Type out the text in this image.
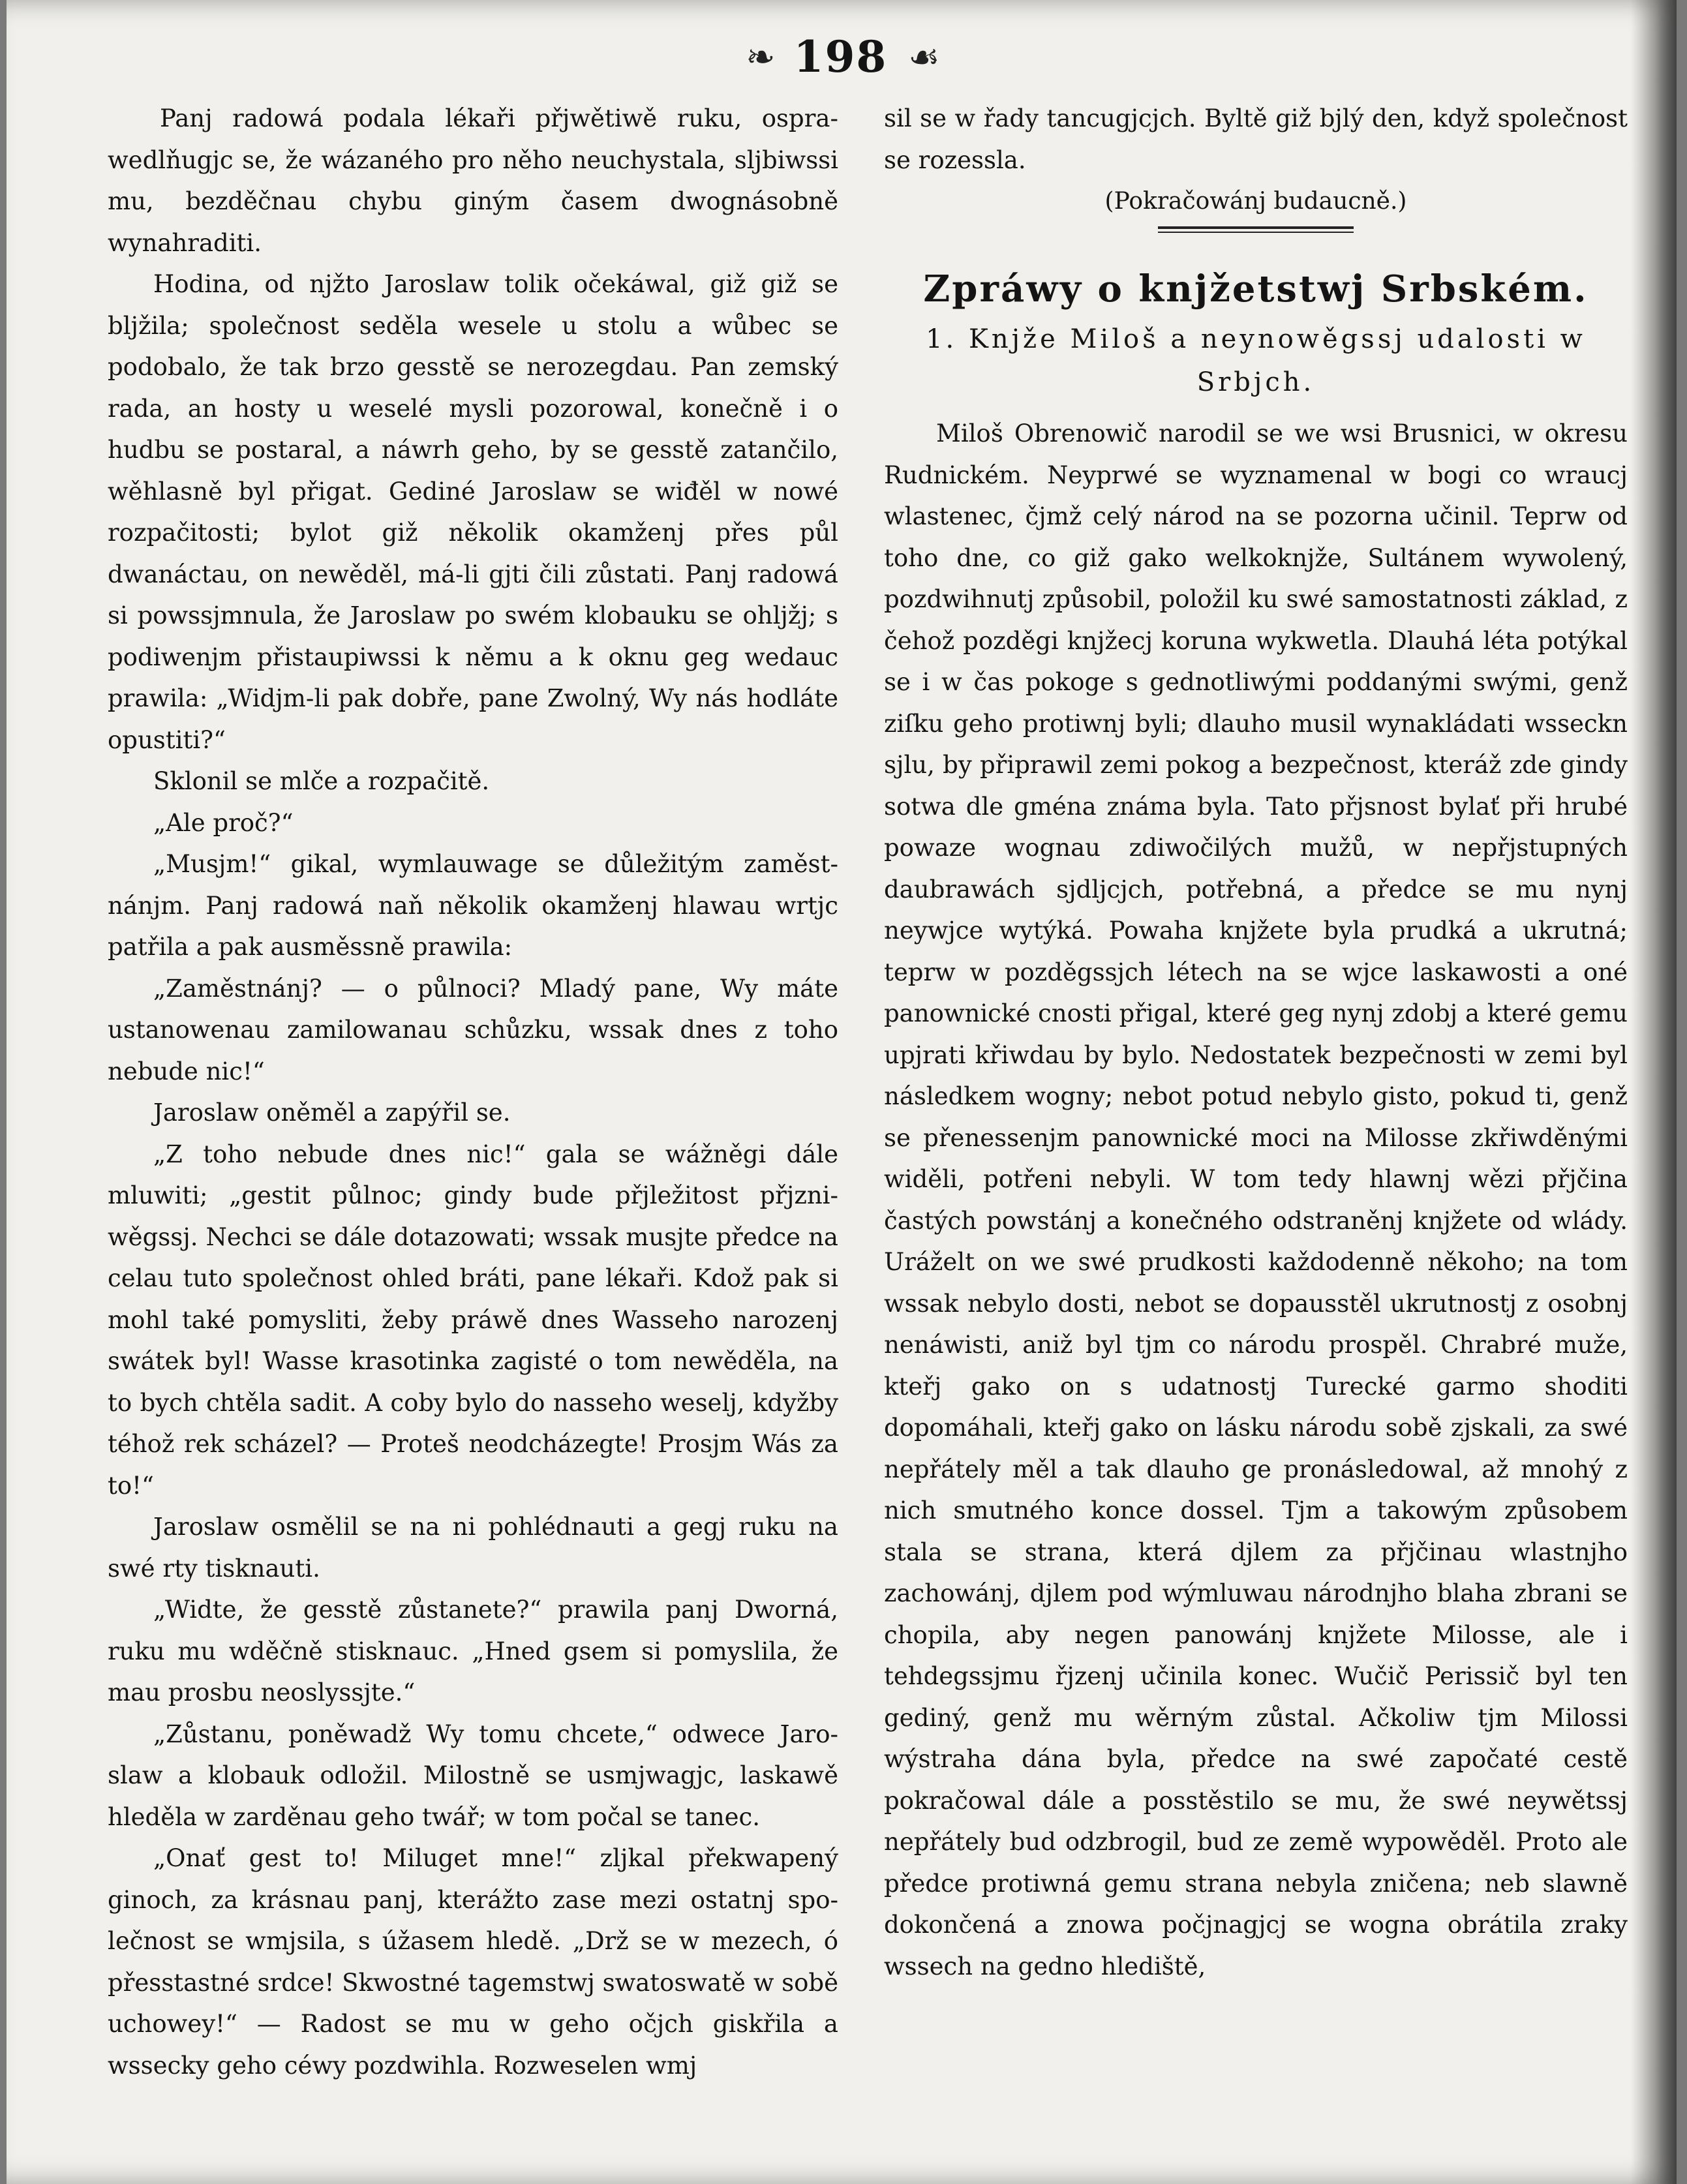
❧ 198 ☙

Panj radowá podala lékaři přjwětiwě ruku, osprawedlňugjc se, že wázaného pro něho neuchystala, sljbiwssi mu, bezděčnau chybu giným časem dwognásobně wynahraditi.

Hodina, od njžto Jaroslaw tolik očekáwal, giž giž se bljžila; společnost seděla wesele u stolu a wůbec se podobalo, že tak brzo gesstě se nerozegdau. Pan zemský rada, an hosty u weselé mysli pozorowal, konečně i o hudbu se postaral, a náwrh geho, by se gesstě zatančilo, wěhlasně byl přigat. Gediné Jaroslaw se wiđěl w nowé rozpačitosti; bylot giž několik okamženj přes půl dwanáctau, on newěděl, má-li gjti čili zůstati. Panj radowá si powssjmnula, že Jaroslaw po swém klobauku se ohljžj; s podiwenjm přistaupiwssi k němu a k oknu geg wedauc prawila: „Widjm-li pak dobře, pane Zwolný, Wy nás hodláte opustiti?“

Sklonil se mlče a rozpačitě.

„Ale proč?“

„Musjm!“ gikal, wymlauwage se důležitým zaměstnánjm. Panj radowá naň několik okamženj hlawau wrtjc patřila a pak ausměssně prawila:

„Zaměstnánj? — o půlnoci? Mladý pane, Wy máte ustanowenau zamilowanau schůzku, wssak dnes z toho nebude nic!“

Jaroslaw oněměl a zapýřil se.

„Z toho nebude dnes nic!“ gala se wážněgi dále mluwiti; „gestit půlnoc; gindy bude přjležitost přjzniwěgssj. Nechci se dále dotazowati; wssak musjte předce na celau tuto společnost ohled bráti, pane lékaři. Kdož pak si mohl také pomysliti, žeby práwě dnes Wasseho narozenj swátek byl! Wasse krasotinka zagisté o tom newěděla, na to bych chtěla sadit. A coby bylo do nasseho weselj, kdyžby téhož rek scházel? — Proteš neodcházegte! Prosjm Wás za to!“

Jaroslaw osmělil se na ni pohlédnauti a gegj ruku na swé rty tisknauti.

„Widte, že gesstě zůstanete?“ prawila panj Dworná, ruku mu wděčně stisknauc. „Hned gsem si pomyslila, že mau prosbu neoslyssjte.“

„Zůstanu, poněwadž Wy tomu chcete,“ odwece Jaroslaw a klobauk odložil. Milostně se usmjwagjc, laskawě hleděla w zarděnau geho twář; w tom počal se tanec.

„Onať gest to! Miluget mne!“ zljkal překwapený ginoch, za krásnau panj, kterážto zase mezi ostatnj společnost se wmjsila, s úžasem hledě. „Drž se w mezech, ó přesstastné srdce! Skwostné tagemstwj swatoswatě w sobě uchowey!“ — Radost se mu w geho očjch giskřila a wssecky geho céwy pozdwihla. Rozweselen wmj

sil se w řady tancugjcjch. Byltě giž bjlý den, když společnost se rozessla.

(Pokračowánj budaucně.)
Zpráwy o knjžetstwj Srbském.
1. Knjže Miloš a neynowěgssj udalosti w Srbjch.

Miloš Obrenowič narodil se we wsi Brusnici, w okresu Rudnickém. Neyprwé se wyznamenal w bogi co wraucj wlastenec, čjmž celý národ na se pozorna učinil. Teprw od toho dne, co giž gako welkoknjže, Sultánem wywolený, pozdwihnutj způsobil, položil ku swé samostatnosti základ, z čehož pozděgi knjžecj koruna wykwetla. Dlauhá léta potýkal se i w čas pokoge s gednotliwými poddanými swými, genž ziſku geho protiwnj byli; dlauho musil wynakládati wsseckn sjlu, by připrawil zemi pokog a bezpečnost, kteráž zde gindy sotwa dle gména známa byla. Tato přjsnost bylať při hrubé powaze wognau zdiwočilých mužů, w nepřjstupných daubrawách sjdljcjch, potřebná, a předce se mu nynj neywjce wytýká. Powaha knjžete byla prudká a ukrutná; teprw w pozděgssjch létech na se wjce laskawosti a oné panownické cnosti přigal, které geg nynj zdobj a které gemu upjrati křiwdau by bylo. Nedostatek bezpečnosti w zemi byl následkem wogny; nebot potud nebylo gisto, pokud ti, genž se přenessenjm panownické moci na Milosse zkřiwděnými widěli, potřeni nebyli. W tom tedy hlawnj wězi přjčina častých powstánj a konečného odstraněnj knjžete od wlády. Uráželt on we swé prudkosti každodenně někoho; na tom wssak nebylo dosti, nebot se dopausstěl ukrutnostj z osobnj nenáwisti, aniž byl tjm co národu prospěl. Chrabré muže, kteřj gako on s udatnostj Turecké garmo shoditi dopomáhali, kteřj gako on lásku národu sobě zjskali, za swé nepřátely měl a tak dlauho ge pronásledowal, až mnohý z nich smutného konce dossel. Tjm a takowým způsobem stala se strana, která djlem za přjčinau wlastnjho zachowánj, djlem pod wýmluwau národnjho blaha zbrani se chopila, aby negen panowánj knjžete Milosse, ale i tehdegssjmu řjzenj učinila konec. Wučič Perissič byl ten gediný, genž mu wěrným zůstal. Ačkoliw tjm Milossi wýstraha dána byla, předce na swé započaté cestě pokračowal dále a posstěstilo se mu, že swé neywětssj nepřátely bud odzbrogil, bud ze země wypowěděl. Proto ale předce protiwná gemu strana nebyla zničena; neb slawně dokončená a znowa počjnagjcj se wogna obrátila zraky wssech na gedno hlediště,
